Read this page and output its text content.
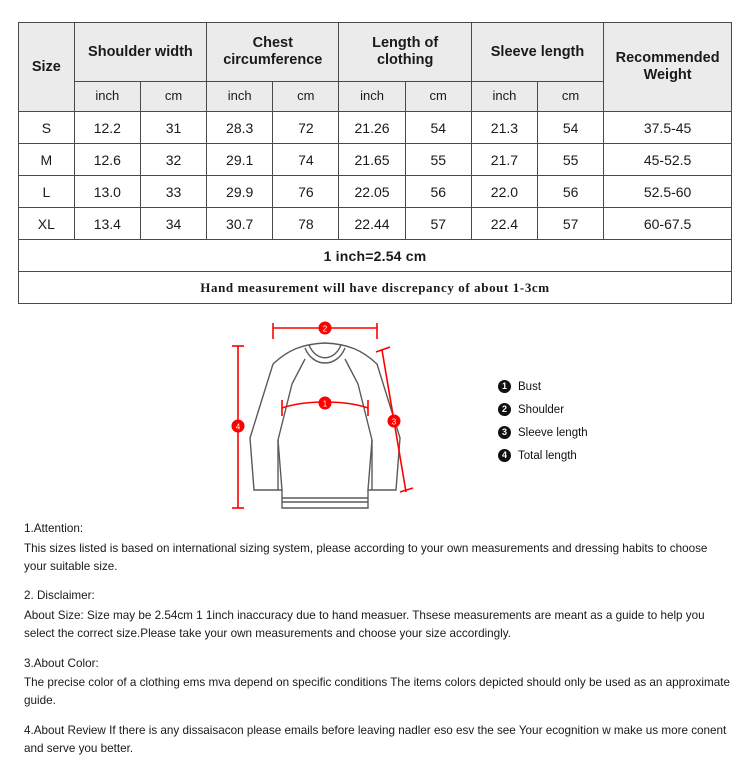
Size	Shoulder width		Chest circumference		Length of clothing		Sleeve length		Recommended Weight
	inch	cm	inch	cm	inch	cm	inch	cm	
S	12.2	31	28.3	72	21.26	54	21.3	54	37.5-45
M	12.6	32	29.1	74	21.65	55	21.7	55	45-52.5
L	13.0	33	29.9	76	22.05	56	22.0	56	52.5-60
XL	13.4	34	30.7	78	22.44	57	22.4	57	60-67.5
1 inch=2.54 cm									
Hand measurement will have discrepancy of about 1-3cm									
2
1
3
4
1 Bust
2 Shoulder
3 Sleeve length
4 Total length

1.Attention:

This sizes listed is based on international sizing system, please according to your own measurements and dressing habits to choose your suitable size.

2. Disclaimer:

About Size: Size may be 2.54cm 1 1inch inaccuracy due to hand measuer. Thsese measurements are meant as a guide to help you select the correct size.Please take your own measurements and choose your size accordingly.

3.About Color:

The precise color of a clothing ems mva depend on specific conditions The items colors depicted should only be used as an approximate guide.

4.About Review If there is any dissaisacon please emails before leaving nadler eso esv the see Your ecognition w make us more conent and serve you better.
